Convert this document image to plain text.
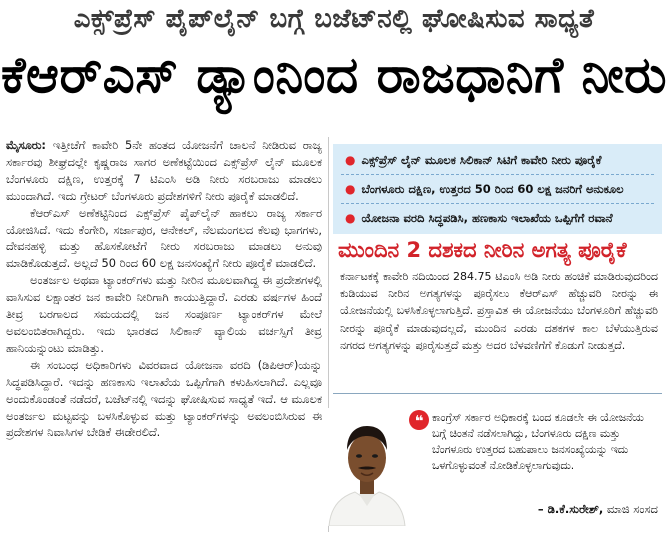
ಎಕ್ಸ್‌ಪ್ರೆಸ್ ಪೈಪ್‌ಲೈನ್ ಬಗ್ಗೆ ಬಜೆಟ್‌ನಲ್ಲಿ ಘೋಷಿಸುವ ಸಾಧ್ಯತೆ
ಕೆಆರ್‌ಎಸ್ ಡ್ಯಾಂನಿಂದ ರಾಜಧಾನಿಗೆ ನೀರು

ಮೈಸೂರು: ಇತ್ತೀಚೆಗೆ ಕಾವೇರಿ 5ನೇ ಹಂತದ ಯೋಜನೆಗೆ ಚಾಲನೆ ನೀಡಿರುವ ರಾಜ್ಯ ಸರ್ಕಾರವು ಶೀಘ್ರದಲ್ಲೇ ಕೃಷ್ಣರಾಜ ಸಾಗರ ಅಣೆಕಟ್ಟೆಯಿಂದ ಎಕ್ಸ್‌ಪ್ರೆಸ್ ಲೈನ್ ಮೂಲಕ ಬೆಂಗಳೂರು ದಕ್ಷಿಣ, ಉತ್ತರಕ್ಕೆ 7 ಟಿಎಂಸಿ ಅಡಿ ನೀರು ಸರಬರಾಜು ಮಾಡಲು ಮುಂದಾಗಿದೆ. ಇದು ಗ್ರೇಟರ್ ಬೆಂಗಳೂರು ಪ್ರದೇಶಗಳಿಗೆ ನೀರು ಪೂರೈಕೆ ಮಾಡಲಿದೆ.

ಕೆಆರ್‌ಎಸ್ ಅಣೆಕಟ್ಟಿನಿಂದ ಎಕ್ಸ್‌ಪ್ರೆಸ್ ಪೈಪ್‌ಲೈನ್ ಹಾಕಲು ರಾಜ್ಯ ಸರ್ಕಾರ ಯೋಜಿಸಿದೆ. ಇದು ಕೆಂಗೇರಿ, ಸರ್ಜಾಪುರ, ಆನೇಕಲ್, ನೆಲಮಂಗಲದ ಕೆಲವು ಭಾಗಗಳು, ದೇವನಹಳ್ಳಿ ಮತ್ತು ಹೊಸಕೋಟೆಗೆ ನೀರು ಸರಬರಾಜು ಮಾಡಲು ಅನುವು ಮಾಡಿಕೊಡುತ್ತದೆ. ಅಲ್ಲದೆ 50 ರಿಂದ 60 ಲಕ್ಷ ಜನಸಂಖ್ಯೆಗೆ ನೀರು ಪೂರೈಕೆ ಮಾಡಲಿದೆ.

ಅಂತರ್ಜಲ ಅಥವಾ ಟ್ಯಾಂಕರ್‌ಗಳು ಮತ್ತು ನೀರಿನ ಮೂಲವಾಗಿದ್ದ ಈ ಪ್ರದೇಶಗಳಲ್ಲಿ ವಾಸಿಸುವ ಲಕ್ಷಾಂತರ ಜನ ಕಾವೇರಿ ನೀರಿಗಾಗಿ ಕಾಯುತ್ತಿದ್ದಾರೆ. ಎರಡು ವರ್ಷಗಳ ಹಿಂದೆ ತೀವ್ರ ಬರಗಾಲದ ಸಮಯದಲ್ಲಿ ಜನ ಸಂಪೂರ್ಣ ಟ್ಯಾಂಕರ್‌ಗಳ ಮೇಲೆ ಅವಲಂಬಿತರಾಗಿದ್ದರು. ಇದು ಭಾರತದ ಸಿಲಿಕಾನ್ ವ್ಯಾಲಿಯ ವರ್ಚಸ್ಸಿಗೆ ತೀವ್ರ ಹಾನಿಯನ್ನುಂಟು ಮಾಡಿತ್ತು.

ಈ ಸಂಬಂಧ ಅಧಿಕಾರಿಗಳು ವಿವರವಾದ ಯೋಜನಾ ವರದಿ (ಡಿಪಿಆರ್)ಯನ್ನು ಸಿದ್ಧಪಡಿಸಿದ್ದಾರೆ. ಇದನ್ನು ಹಣಕಾಸು ಇಲಾಖೆಯ ಒಪ್ಪಿಗೆಗಾಗಿ ಕಳುಹಿಸಲಾಗಿದೆ. ಎಲ್ಲವೂ ಅಂದುಕೊಂಡಂತೆ ನಡೆದರೆ, ಬಜೆಟ್‌ನಲ್ಲಿ ಇದನ್ನು ಘೋಷಿಸುವ ಸಾಧ್ಯತೆ ಇದೆ. ಆ ಮೂಲಕ ಅಂತರ್ಜಲ ಮಟ್ಟವನ್ನು ಬಳಸಿಕೊಳ್ಳುವ ಮತ್ತು ಟ್ಯಾಂಕರ್‌ಗಳನ್ನು ಅವಲಂಬಿಸಿರುವ ಈ ಪ್ರದೇಶಗಳ ನಿವಾಸಿಗಳ ಬೇಡಿಕೆ ಈಡೇರಲಿದೆ.

● ಎಕ್ಸ್‌ಪ್ರೆಸ್ ಲೈನ್ ಮೂಲಕ ಸಿಲಿಕಾನ್ ಸಿಟಿಗೆ ಕಾವೇರಿ ನೀರು ಪೂರೈಕೆ
● ಬೆಂಗಳೂರು ದಕ್ಷಿಣ, ಉತ್ತರದ 50 ರಿಂದ 60 ಲಕ್ಷ ಜನರಿಗೆ ಅನುಕೂಲ
● ಯೋಜನಾ ವರದಿ ಸಿದ್ಧಪಡಿಸಿ, ಹಣಕಾಸು ಇಲಾಖೆಯ ಒಪ್ಪಿಗೆಗೆ ರವಾನೆ
ಮುಂದಿನ 2 ದಶಕದ ನೀರಿನ ಅಗತ್ಯ ಪೂರೈಕೆ

ಕರ್ನಾಟಕಕ್ಕೆ ಕಾವೇರಿ ನದಿಯಿಂದ 284.75 ಟಿಎಂಸಿ ಅಡಿ ನೀರು ಹಂಚಿಕೆ ಮಾಡಿರುವುದರಿಂದ ಕುಡಿಯುವ ನೀರಿನ ಅಗತ್ಯಗಳನ್ನು ಪೂರೈಸಲು ಕೆಆರ್‌ಎಸ್ ಹೆಚ್ಚುವರಿ ನೀರನ್ನು ಈ ಯೋಜನೆಯಲ್ಲಿ ಬಳಸಿಕೊಳ್ಳಲಾಗುತ್ತಿದೆ. ಪ್ರಸ್ತಾವಿತ ಈ ಯೋಜನೆಯು ಬೆಂಗಳೂರಿಗೆ ಹೆಚ್ಚುವರಿ ನೀರನ್ನು ಪೂರೈಕೆ ಮಾಡುವುದಲ್ಲದೆ, ಮುಂದಿನ ಎರಡು ದಶಕಗಳ ಕಾಲ ಬೆಳೆಯುತ್ತಿರುವ ನಗರದ ಅಗತ್ಯಗಳನ್ನು ಪೂರೈಸುತ್ತದೆ ಮತ್ತು ಅದರ ಬೆಳವಣಿಗೆಗೆ ಕೊಡುಗೆ ನೀಡುತ್ತದೆ.

❝ ಕಾಂಗ್ರೆಸ್ ಸರ್ಕಾರ ಅಧಿಕಾರಕ್ಕೆ ಬಂದ ಕೂಡಲೇ ಈ ಯೋಜನೆಯ ಬಗ್ಗೆ ಚಿಂತನೆ ನಡೆಸಲಾಗಿದ್ದು, ಬೆಂಗಳೂರು ದಕ್ಷಿಣ ಮತ್ತು ಬೆಂಗಳೂರು ಉತ್ತರದ ಬಹುಪಾಲು ಜನಸಂಖ್ಯೆಯನ್ನು ಇದು ಒಳಗೊಳ್ಳುವಂತೆ ನೋಡಿಕೊಳ್ಳಲಾಗುವುದು.
– ಡಿ.ಕೆ.ಸುರೇಶ್, ಮಾಜಿ ಸಂಸದ
